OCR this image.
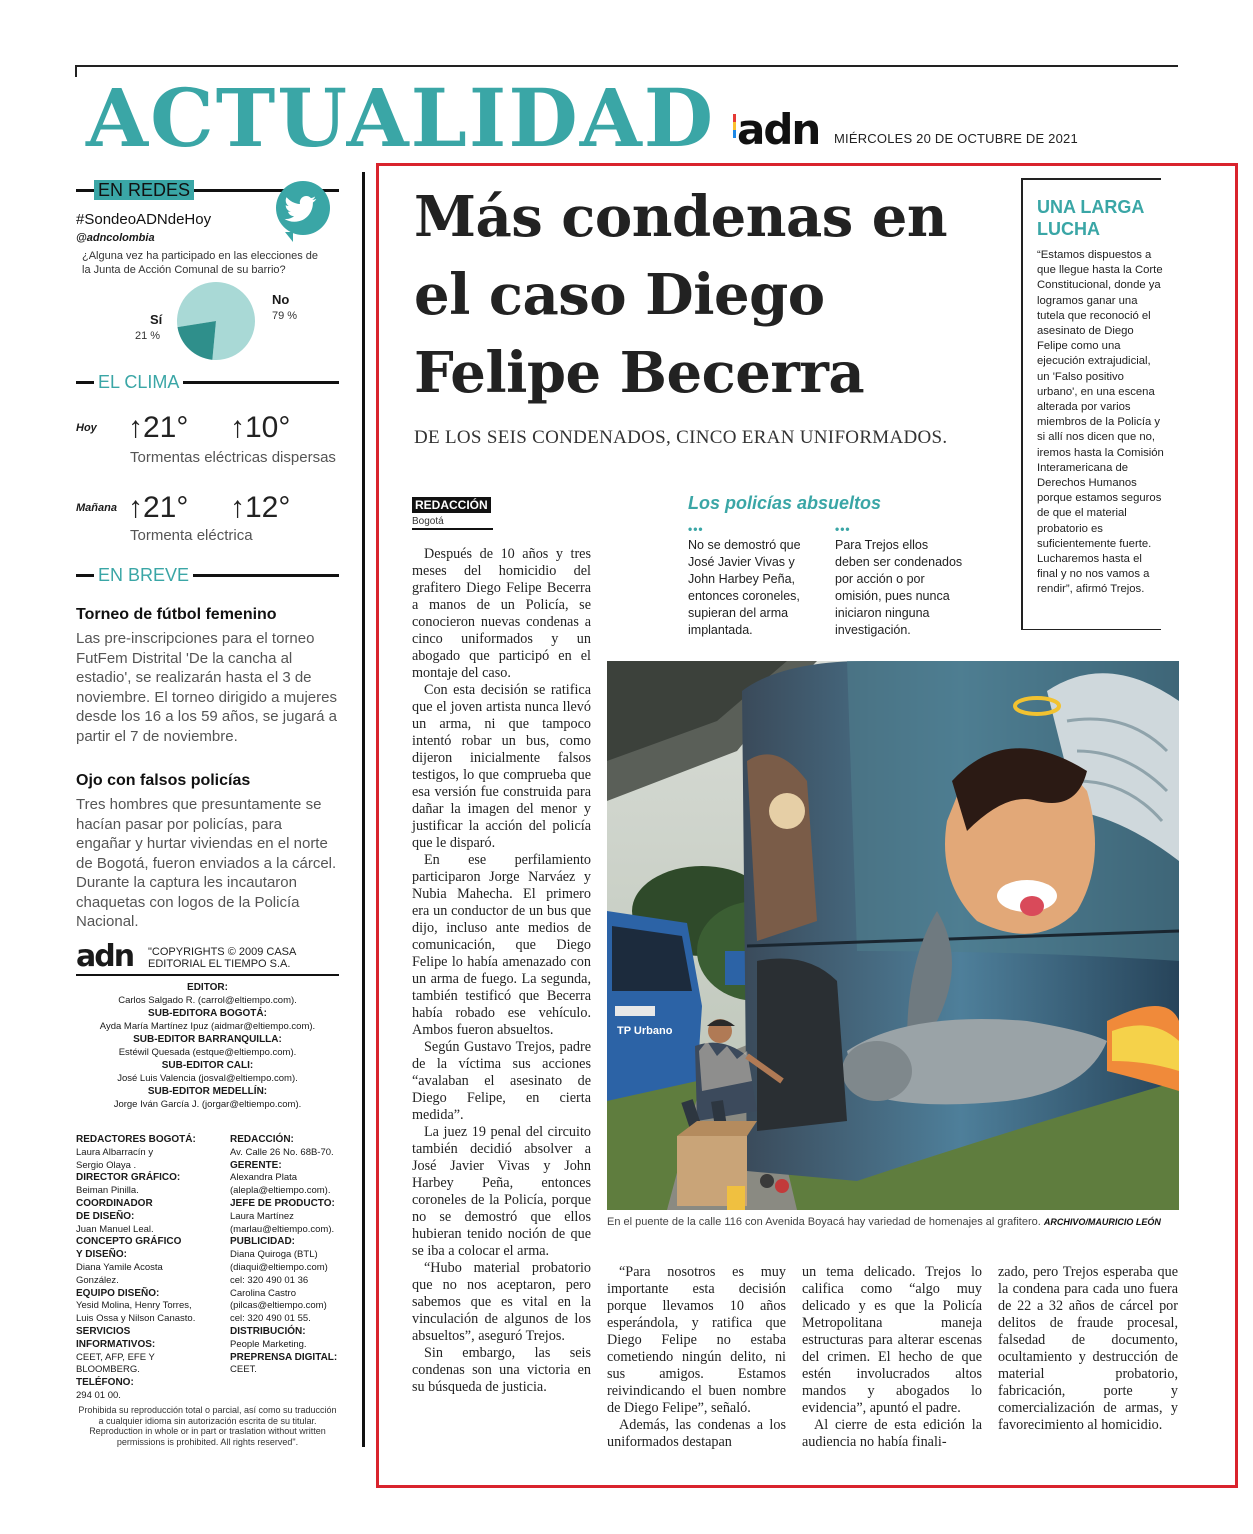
ACTUALIDAD adn MIÉRCOLES 20 DE OCTUBRE DE 2021
EN REDES
#SondeoADNdeHoy
@adncolombia
¿Alguna vez ha participado en las elecciones de la Junta de Acción Comunal de su barrio?
No
79 %
Sí
21 %
EL CLIMA
Hoy ↑21° ↑10°
Tormentas eléctricas dispersas
Mañana ↑21° ↑12°
Tormenta eléctrica
EN BREVE
Torneo de fútbol femenino
Las pre-inscripciones para el torneo FutFem Distrital 'De la cancha al estadio', se realizarán hasta el 3 de noviembre. El torneo dirigido a mujeres desde los 16 a los 59 años, se jugará a partir el 7 de noviembre.
Ojo con falsos policías
Tres hombres que presuntamente se hacían pasar por policías, para engañar y hurtar viviendas en el norte de Bogotá, fueron enviados a la cárcel. Durante la captura les incautaron chaquetas con logos de la Policía Nacional.
adn "COPYRIGHTS © 2009 CASA EDITORIAL EL TIEMPO S.A.
EDITOR:
Carlos Salgado R. (carrol@eltiempo.com).
SUB-EDITORA BOGOTÁ:
Ayda María Martínez Ipuz (aidmar@eltiempo.com).
SUB-EDITOR BARRANQUILLA:
Estéwil Quesada (estque@eltiempo.com).
SUB-EDITOR CALI:
José Luis Valencia (josval@eltiempo.com).
SUB-EDITOR MEDELLÍN:
Jorge Iván García J. (jorgar@eltiempo.com).
REDACTORES BOGOTÁ:
Laura Albarracín y Sergio Olaya .
DIRECTOR GRÁFICO:
Beiman Pinilla.
COORDINADOR DE DISEÑO:
Juan Manuel Leal.
CONCEPTO GRÁFICO Y DISEÑO:
Diana Yamile Acosta González.
EQUIPO DISEÑO:
Yesid Molina, Henry Torres, Luis Ossa y Nilson Canasto.
SERVICIOS INFORMATIVOS:
CEET, AFP, EFE Y BLOOMBERG.
TELÉFONO:
294 01 00.
REDACCIÓN:
Av. Calle 26 No. 68B-70.
GERENTE:
Alexandra Plata (alepla@eltiempo.com).
JEFE DE PRODUCTO:
Laura Martínez (marlau@eltiempo.com).
PUBLICIDAD:
Diana Quiroga (BTL) (diaqui@eltiempo.com) cel: 320 490 01 36 Carolina Castro (pilcas@eltiempo.com) cel: 320 490 01 55.
DISTRIBUCIÓN:
People Marketing.
PREPRENSA DIGITAL:
CEET.
Prohibida su reproducción total o parcial, así como su traducción a cualquier idioma sin autorización escrita de su titular. Reproduction in whole or in part or traslation without written permissions is prohibited. All rights reserved".
Más condenas en el caso Diego Felipe Becerra
DE LOS SEIS CONDENADOS, CINCO ERAN UNIFORMADOS.
REDACCIÓN
Bogotá

Después de 10 años y tres meses del homicidio del grafitero Diego Felipe Becerra a manos de un Policía, se conocieron nuevas condenas a cinco uniformados y un abogado que participó en el montaje del caso.

Con esta decisión se ratifica que el joven artista nunca llevó un arma, ni que tampoco intentó robar un bus, como dijeron inicialmente falsos testigos, lo que comprueba que esa versión fue construida para dañar la imagen del menor y justificar la acción del policía que le disparó.

En ese perfilamiento participaron Jorge Narváez y Nubia Mahecha. El primero era un conductor de un bus que dijo, incluso ante medios de comunicación, que Diego Felipe lo había amenazado con un arma de fuego. La segunda, también testificó que Becerra había robado ese vehículo. Ambos fueron absueltos.

Según Gustavo Trejos, padre de la víctima sus acciones “avalaban el asesinato de Diego Felipe, en cierta medida”.

La juez 19 penal del circuito también decidió absolver a José Javier Vivas y John Harbey Peña, entonces coroneles de la Policía, porque no se demostró que ellos hubieran tenido noción de que se iba a colocar el arma.

“Hubo material probatorio que no nos aceptaron, pero sabemos que es vital en la vinculación de algunos de los absueltos”, aseguró Trejos.

Sin embargo, las seis condenas son una victoria en su búsqueda de justicia.

Los policías absueltos
•••
No se demostró que José Javier Vivas y John Harbey Peña, entonces coroneles, supieran del arma implantada.
•••
Para Trejos ellos deben ser condenados por acción o por omisión, pues nunca iniciaron ninguna investigación.
UNA LARGA LUCHA
“Estamos dispuestos a que llegue hasta la Corte Constitucional, donde ya logramos ganar una tutela que reconoció el asesinato de Diego Felipe como una ejecución extrajudicial, un 'Falso positivo urbano', en una escena alterada por varios miembros de la Policía y si allí nos dicen que no, iremos hasta la Comisión Interamericana de Derechos Humanos porque estamos seguros de que el material probatorio es suficientemente fuerte. Lucharemos hasta el final y no nos vamos a rendir”, afirmó Trejos.
TP Urbano
En el puente de la calle 116 con Avenida Boyacá hay variedad de homenajes al grafitero. ARCHIVO/MAURICIO LEÓN

“Para nosotros es muy importante esta decisión porque llevamos 10 años esperándola, y ratifica que Diego Felipe no estaba cometiendo ningún delito, ni sus amigos. Estamos reivindicando el buen nombre de Diego Felipe”, señaló.

Además, las condenas a los uniformados destapan

un tema delicado. Trejos lo califica como “algo muy delicado y es que la Policía Metropolitana maneja estructuras para alterar escenas del crimen. El hecho de que estén involucrados altos mandos y abogados lo evidencia”, apuntó el padre.

Al cierre de esta edición la audiencia no había finali-

zado, pero Trejos esperaba que la condena para cada uno fuera de 22 a 32 años de cárcel por delitos de fraude procesal, falsedad de documento, ocultamiento y destrucción de material probatorio, fabricación, porte y comercialización de armas, y favorecimiento al homicidio.
